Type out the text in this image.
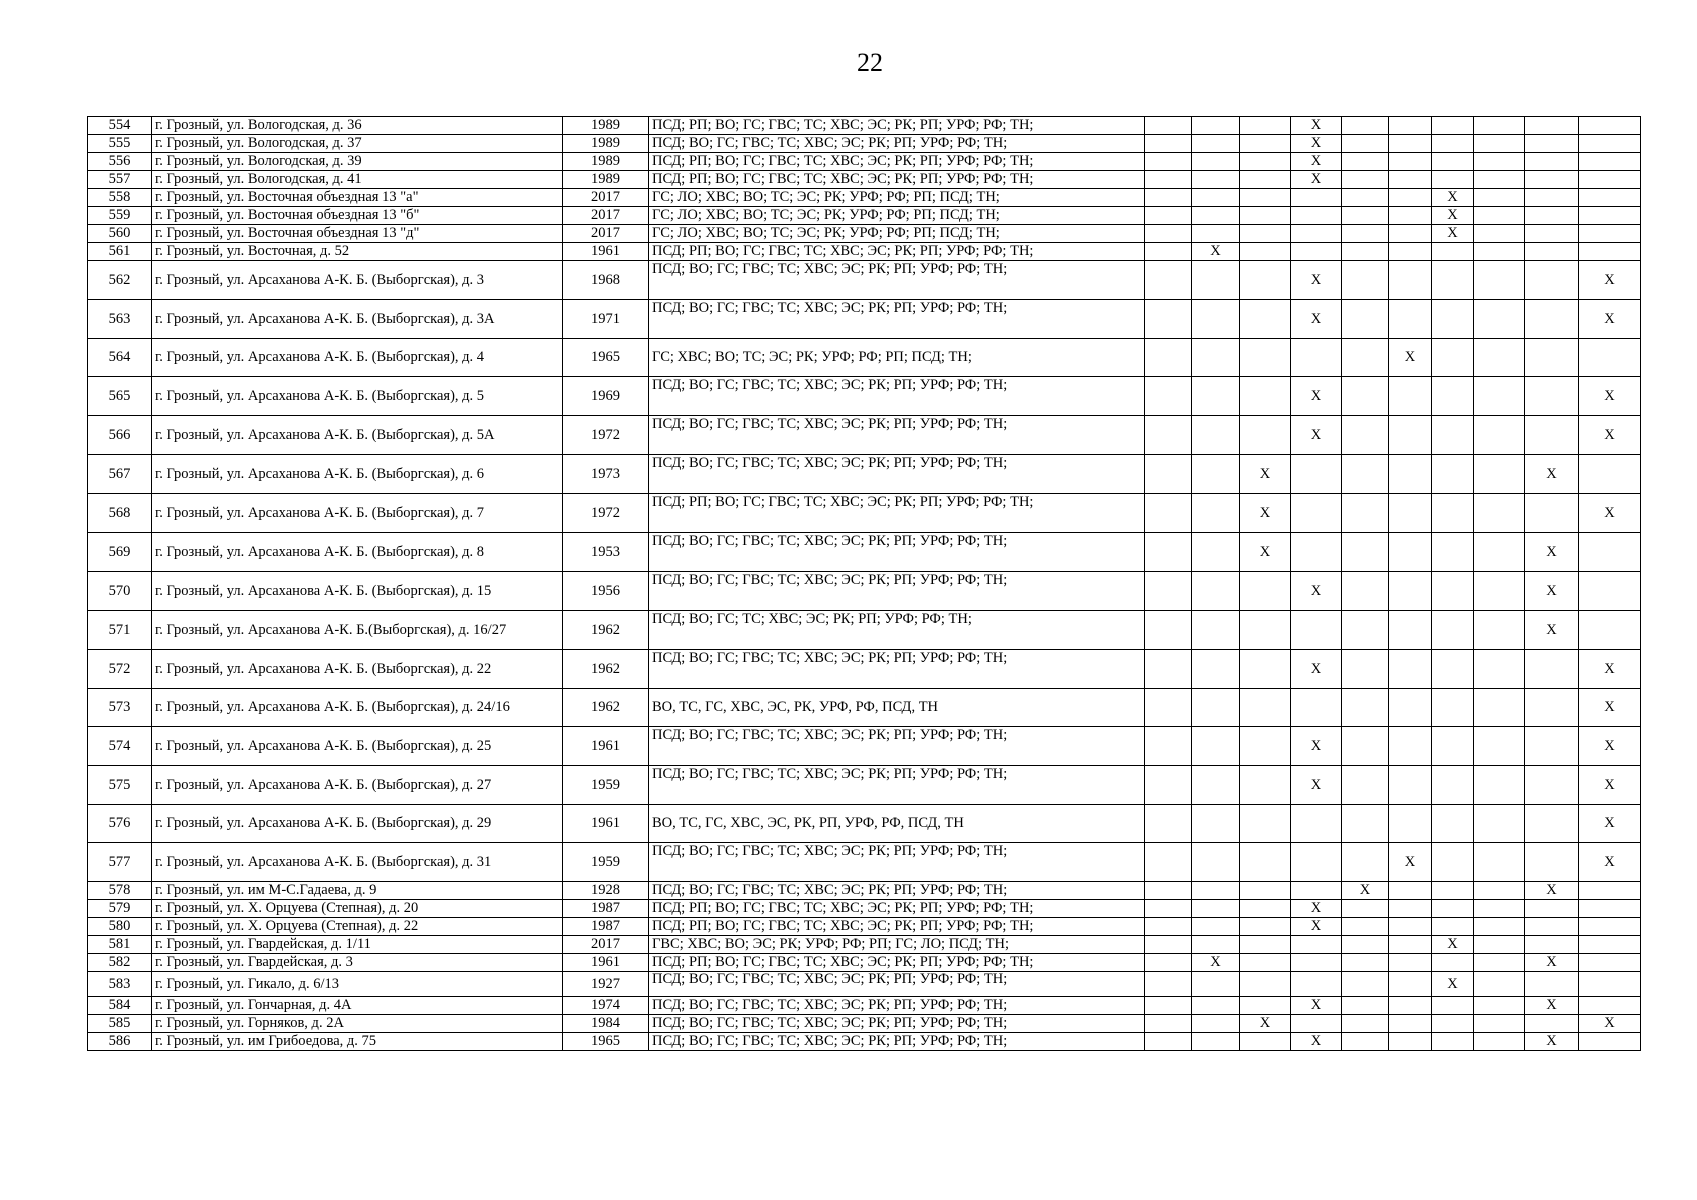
22
554	г. Грозный, ул. Вологодская, д. 36	1989	ПСД; РП; ВО; ГС; ГВС; ТС; ХВС; ЭС; РК; РП; УРФ; РФ; ТН;				X						
555	г. Грозный, ул. Вологодская, д. 37	1989	ПСД; ВО; ГС; ГВС; ТС; ХВС; ЭС; РК; РП; УРФ; РФ; ТН;				X						
556	г. Грозный, ул. Вологодская, д. 39	1989	ПСД; РП; ВО; ГС; ГВС; ТС; ХВС; ЭС; РК; РП; УРФ; РФ; ТН;				X						
557	г. Грозный, ул. Вологодская, д. 41	1989	ПСД; РП; ВО; ГС; ГВС; ТС; ХВС; ЭС; РК; РП; УРФ; РФ; ТН;				X						
558	г. Грозный, ул. Восточная объездная 13 "а"	2017	ГС; ЛО; ХВС; ВО; ТС; ЭС; РК; УРФ; РФ; РП; ПСД; ТН;							X			
559	г. Грозный, ул. Восточная объездная 13 "б"	2017	ГС; ЛО; ХВС; ВО; ТС; ЭС; РК; УРФ; РФ; РП; ПСД; ТН;							X			
560	г. Грозный, ул. Восточная объездная 13 "д"	2017	ГС; ЛО; ХВС; ВО; ТС; ЭС; РК; УРФ; РФ; РП; ПСД; ТН;							X			
561	г. Грозный, ул. Восточная, д. 52	1961	ПСД; РП; ВО; ГС; ГВС; ТС; ХВС; ЭС; РК; РП; УРФ; РФ; ТН;		X								
562	г. Грозный, ул. Арсаханова А-К. Б. (Выборгская), д. 3	1968	ПСД; ВО; ГС; ГВС; ТС; ХВС; ЭС; РК; РП; УРФ; РФ; ТН;				X						X
563	г. Грозный, ул. Арсаханова А-К. Б. (Выборгская), д. 3А	1971	ПСД; ВО; ГС; ГВС; ТС; ХВС; ЭС; РК; РП; УРФ; РФ; ТН;				X						X
564	г. Грозный, ул. Арсаханова А-К. Б. (Выборгская), д. 4	1965	ГС; ХВС; ВО; ТС; ЭС; РК; УРФ; РФ; РП; ПСД; ТН;						X				
565	г. Грозный, ул. Арсаханова А-К. Б. (Выборгская), д. 5	1969	ПСД; ВО; ГС; ГВС; ТС; ХВС; ЭС; РК; РП; УРФ; РФ; ТН;				X						X
566	г. Грозный, ул. Арсаханова А-К. Б. (Выборгская), д. 5А	1972	ПСД; ВО; ГС; ГВС; ТС; ХВС; ЭС; РК; РП; УРФ; РФ; ТН;				X						X
567	г. Грозный, ул. Арсаханова А-К. Б. (Выборгская), д. 6	1973	ПСД; ВО; ГС; ГВС; ТС; ХВС; ЭС; РК; РП; УРФ; РФ; ТН;			X						X	
568	г. Грозный, ул. Арсаханова А-К. Б. (Выборгская), д. 7	1972	ПСД; РП; ВО; ГС; ГВС; ТС; ХВС; ЭС; РК; РП; УРФ; РФ; ТН;			X							X
569	г. Грозный, ул. Арсаханова А-К. Б. (Выборгская), д. 8	1953	ПСД; ВО; ГС; ГВС; ТС; ХВС; ЭС; РК; РП; УРФ; РФ; ТН;			X						X	
570	г. Грозный, ул. Арсаханова А-К. Б. (Выборгская), д. 15	1956	ПСД; ВО; ГС; ГВС; ТС; ХВС; ЭС; РК; РП; УРФ; РФ; ТН;				X					X	
571	г. Грозный, ул. Арсаханова А-К. Б.(Выборгская), д. 16/27	1962	ПСД; ВО; ГС; ТС; ХВС; ЭС; РК; РП; УРФ; РФ; ТН;									X	
572	г. Грозный, ул. Арсаханова А-К. Б. (Выборгская), д. 22	1962	ПСД; ВО; ГС; ГВС; ТС; ХВС; ЭС; РК; РП; УРФ; РФ; ТН;				X						X
573	г. Грозный, ул. Арсаханова А-К. Б. (Выборгская), д. 24/16	1962	ВО, ТС, ГС, ХВС, ЭС, РК, УРФ, РФ, ПСД, ТН										X
574	г. Грозный, ул. Арсаханова А-К. Б. (Выборгская), д. 25	1961	ПСД; ВО; ГС; ГВС; ТС; ХВС; ЭС; РК; РП; УРФ; РФ; ТН;				X						X
575	г. Грозный, ул. Арсаханова А-К. Б. (Выборгская), д. 27	1959	ПСД; ВО; ГС; ГВС; ТС; ХВС; ЭС; РК; РП; УРФ; РФ; ТН;				X						X
576	г. Грозный, ул. Арсаханова А-К. Б. (Выборгская), д. 29	1961	ВО, ТС, ГС, ХВС, ЭС, РК, РП, УРФ, РФ, ПСД, ТН										X
577	г. Грозный, ул. Арсаханова А-К. Б. (Выборгская), д. 31	1959	ПСД; ВО; ГС; ГВС; ТС; ХВС; ЭС; РК; РП; УРФ; РФ; ТН;						X				X
578	г. Грозный, ул. им М-С.Гадаева, д. 9	1928	ПСД; ВО; ГС; ГВС; ТС; ХВС; ЭС; РК; РП; УРФ; РФ; ТН;					X				X	
579	г. Грозный, ул. Х. Орцуева (Степная), д. 20	1987	ПСД; РП; ВО; ГС; ГВС; ТС; ХВС; ЭС; РК; РП; УРФ; РФ; ТН;				X						
580	г. Грозный, ул. Х. Орцуева (Степная), д. 22	1987	ПСД; РП; ВО; ГС; ГВС; ТС; ХВС; ЭС; РК; РП; УРФ; РФ; ТН;				X						
581	г. Грозный, ул. Гвардейская, д. 1/11	2017	ГВС; ХВС; ВО; ЭС; РК; УРФ; РФ; РП; ГС; ЛО; ПСД; ТН;							X			
582	г. Грозный, ул. Гвардейская, д. 3	1961	ПСД; РП; ВО; ГС; ГВС; ТС; ХВС; ЭС; РК; РП; УРФ; РФ; ТН;		X							X	
583	г. Грозный, ул. Гикало, д. 6/13	1927	ПСД; ВО; ГС; ГВС; ТС; ХВС; ЭС; РК; РП; УРФ; РФ; ТН;							X			
584	г. Грозный, ул. Гончарная, д. 4А	1974	ПСД; ВО; ГС; ГВС; ТС; ХВС; ЭС; РК; РП; УРФ; РФ; ТН;				X					X	
585	г. Грозный, ул. Горняков, д. 2А	1984	ПСД; ВО; ГС; ГВС; ТС; ХВС; ЭС; РК; РП; УРФ; РФ; ТН;			X							X
586	г. Грозный, ул. им Грибоедова, д. 75	1965	ПСД; ВО; ГС; ГВС; ТС; ХВС; ЭС; РК; РП; УРФ; РФ; ТН;				X					X	
